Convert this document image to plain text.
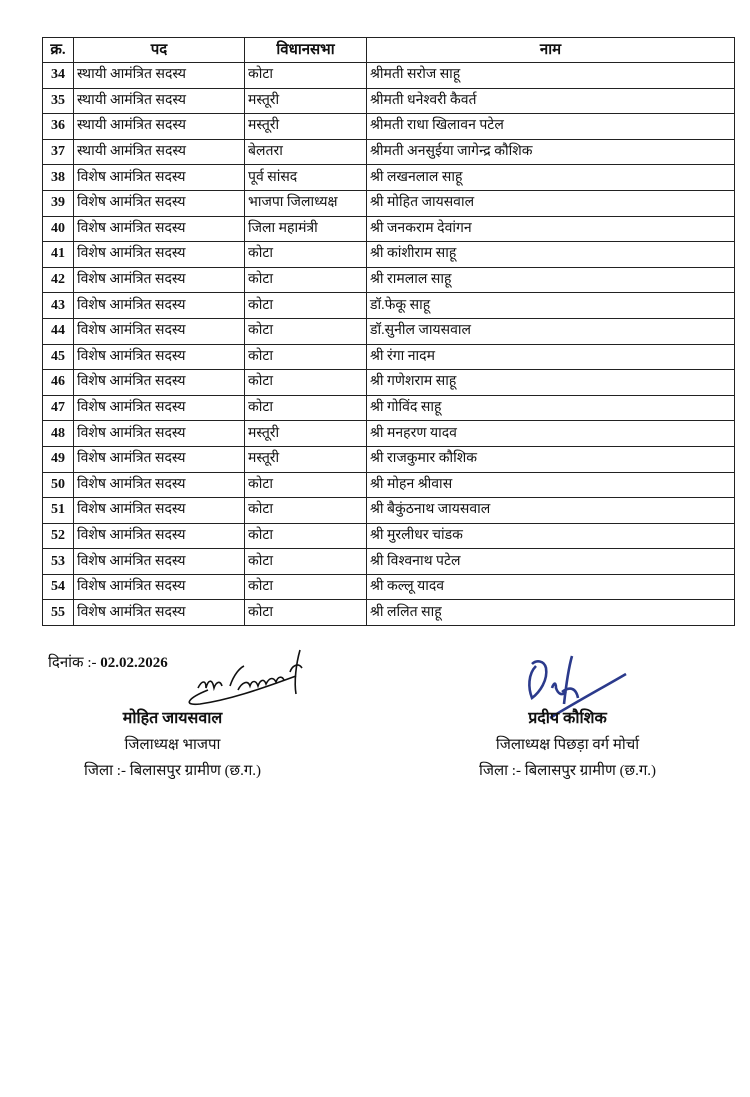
क्र.	पद	विधानसभा	नाम
34	स्थायी आमंत्रित सदस्य	कोटा	श्रीमती सरोज साहू
35	स्थायी आमंत्रित सदस्य	मस्तूरी	श्रीमती धनेश्वरी कैवर्त
36	स्थायी आमंत्रित सदस्य	मस्तूरी	श्रीमती राधा खिलावन पटेल
37	स्थायी आमंत्रित सदस्य	बेलतरा	श्रीमती अनसुईया जागेन्द्र कौशिक
38	विशेष आमंत्रित सदस्य	पूर्व सांसद	श्री लखनलाल साहू
39	विशेष आमंत्रित सदस्य	भाजपा जिलाध्यक्ष	श्री मोहित जायसवाल
40	विशेष आमंत्रित सदस्य	जिला महामंत्री	श्री जनकराम देवांगन
41	विशेष आमंत्रित सदस्य	कोटा	श्री कांशीराम साहू
42	विशेष आमंत्रित सदस्य	कोटा	श्री रामलाल साहू
43	विशेष आमंत्रित सदस्य	कोटा	डॉ.फेकू साहू
44	विशेष आमंत्रित सदस्य	कोटा	डॉ.सुनील जायसवाल
45	विशेष आमंत्रित सदस्य	कोटा	श्री रंगा नादम
46	विशेष आमंत्रित सदस्य	कोटा	श्री गणेशराम साहू
47	विशेष आमंत्रित सदस्य	कोटा	श्री गोविंद साहू
48	विशेष आमंत्रित सदस्य	मस्तूरी	श्री मनहरण यादव
49	विशेष आमंत्रित सदस्य	मस्तूरी	श्री राजकुमार कौशिक
50	विशेष आमंत्रित सदस्य	कोटा	श्री मोहन श्रीवास
51	विशेष आमंत्रित सदस्य	कोटा	श्री बैकुंठनाथ जायसवाल
52	विशेष आमंत्रित सदस्य	कोटा	श्री मुरलीधर चांडक
53	विशेष आमंत्रित सदस्य	कोटा	श्री विश्वनाथ पटेल
54	विशेष आमंत्रित सदस्य	कोटा	श्री कल्लू यादव
55	विशेष आमंत्रित सदस्य	कोटा	श्री ललित साहू
दिनांक :- 02.02.2026
मोहित जायसवाल
जिलाध्यक्ष भाजपा
जिला :- बिलासपुर ग्रामीण (छ.ग.)
प्रदीप कौशिक
जिलाध्यक्ष पिछड़ा वर्ग मोर्चा
जिला :- बिलासपुर ग्रामीण (छ.ग.)
